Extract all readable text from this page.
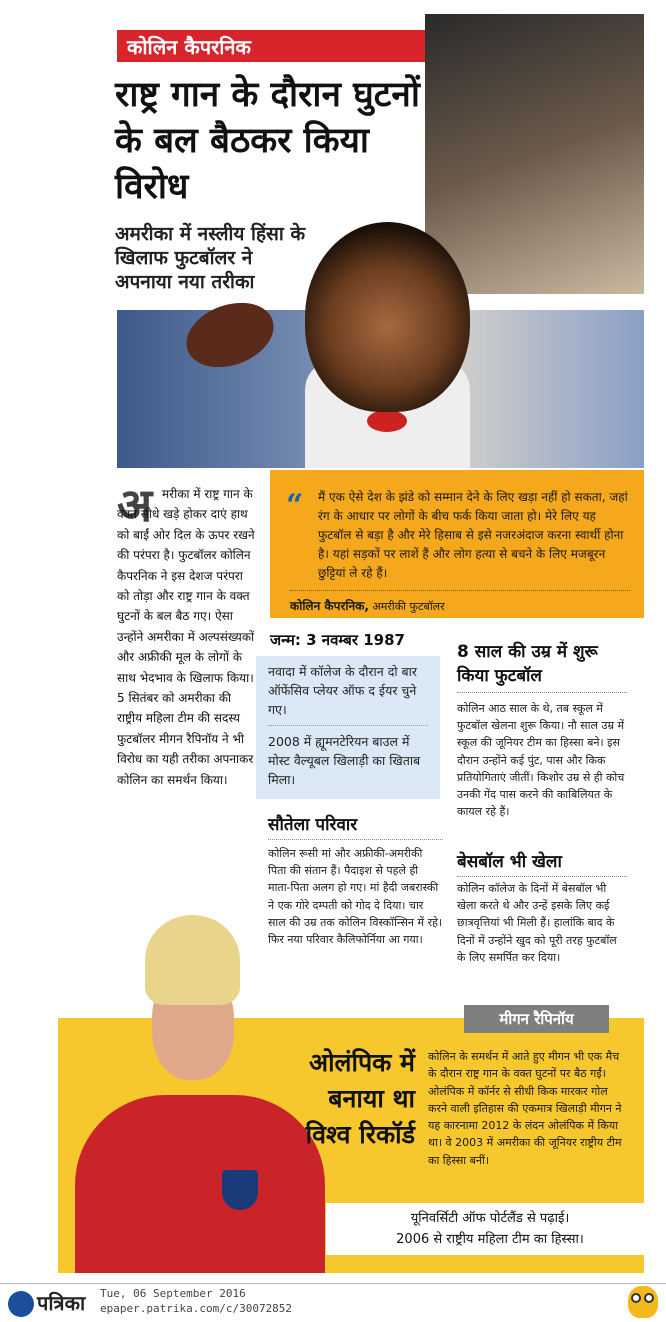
कोलिन कैपरनिक
राष्ट्र गान के दौरान घुटनों के बल बैठकर किया विरोध
अमरीका में नस्लीय हिंसा के खिलाफ फुटबॉलर ने अपनाया नया तरीका
अ मरीका में राष्ट्र गान के वक्त सीधे खड़े होकर दाएं हाथ को बाईं ओर दिल के ऊपर रखने की परंपरा है। फुटबॉलर कोलिन कैपरनिक ने इस देशज परंपरा को तोड़ा और राष्ट्र गान के वक्त घुटनों के बल बैठ गए। ऐसा उन्होंने अमरीका में अल्पसंख्यकों और अफ्रीकी मूल के लोगों के साथ भेदभाव के खिलाफ किया। 5 सितंबर को अमरीका की राष्ट्रीय महिला टीम की सदस्य फुटबॉलर मीगन रैपिनॉय ने भी विरोध का यही तरीका अपनाकर कोलिन का समर्थन किया।

“ मैं एक ऐसे देश के झंडे को सम्मान देने के लिए खड़ा नहीं हो सकता, जहां रंग के आधार पर लोगों के बीच फर्क किया जाता हो। मेरे लिए यह फुटबॉल से बड़ा है और मेरे हिसाब से इसे नजरअंदाज करना स्वार्थी होना है। यहां सड़कों पर लाशें हैं और लोग हत्या से बचने के लिए मजबूरन छुट्टियां ले रहे हैं।

कोलिन कैपरनिक, अमरीकी फुटबॉलर
जन्म: 3 नवम्बर 1987

नवादा में कॉलेज के दौरान दो बार ऑफेंसिव प्लेयर ऑफ द ईयर चुने गए।

2008 में ह्यूमनटेरियन बाउल में मोस्ट वैल्यूबल खिलाड़ी का खिताब मिला।

सौतेला परिवार

कोलिन रूसी मां और अफ्रीकी-अमरीकी पिता की संतान हैं। पैदाइश से पहले ही माता-पिता अलग हो गए। मां हैदी जबरास्की ने एक गोरे दम्पती को गोद दे दिया। चार साल की उम्र तक कोलिन विस्कॉन्सिन में रहे। फिर नया परिवार कैलिफोर्निया आ गया।

8 साल की उम्र में शुरू किया फुटबॉल

कोलिन आठ साल के थे, तब स्कूल में फुटबॉल खेलना शुरू किया। नौ साल उम्र में स्कूल की जूनियर टीम का हिस्सा बने। इस दौरान उन्होंने कई पुंट, पास और किक प्रतियोगिताएं जीतीं। किशोर उम्र से ही कोच उनकी गेंद पास करने की काबिलियत के कायल रहे हैं।

बेसबॉल भी खेला

कोलिन कॉलेज के दिनों में बेसबॉल भी खेला करते थे और उन्हें इसके लिए कई छात्रवृत्तियां भी मिली हैं। हालांकि बाद के दिनों में उन्होंने खुद को पूरी तरह फुटबॉल के लिए समर्पित कर दिया।

मीगन रैपिनॉय
ओलंपिक में बनाया था विश्व रिकॉर्ड

कोलिन के समर्थन में आते हुए मीगन भी एक मैच के दौरान राष्ट्र गान के वक्त घुटनों पर बैठ गईं। ओलंपिक में कॉर्नर से सीधी किक मारकर गोल करने वाली इतिहास की एकमात्र खिलाड़ी मीगन ने यह कारनामा 2012 के लंदन ओलंपिक में किया था। वे 2003 में अमरीका की जूनियर राष्ट्रीय टीम का हिस्सा बनीं।

यूनिवर्सिटी ऑफ पोर्टलैंड से पढ़ाई।
2006 से राष्ट्रीय महिला टीम का हिस्सा।
पत्रिका Tue, 06 September 2016
epaper.patrika.com/c/30072852
